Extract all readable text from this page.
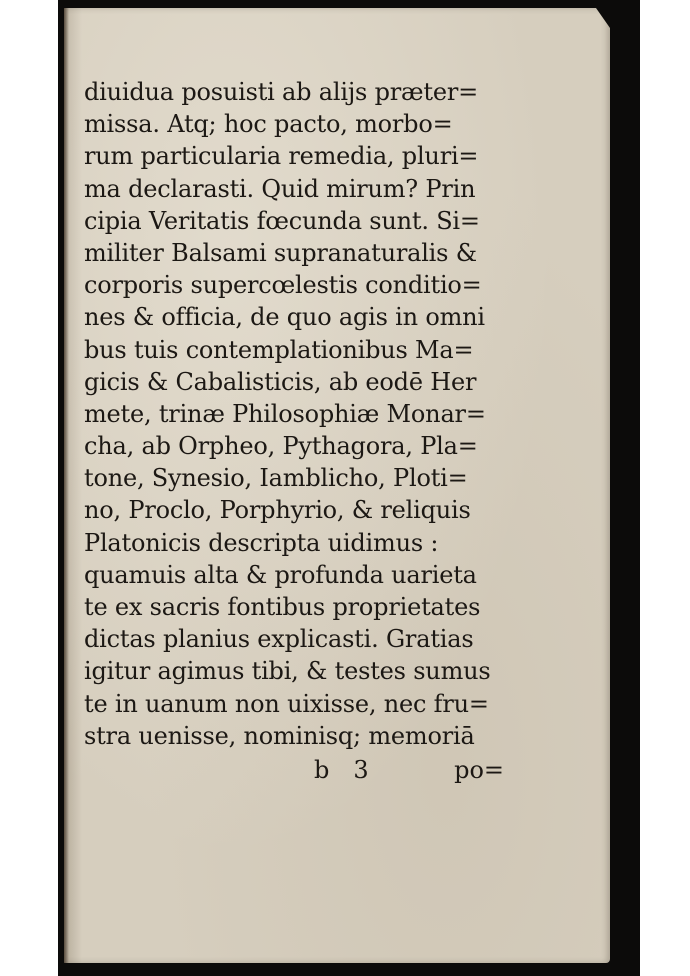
diuidua posuisti ab alijs præter=
missa. Atq; hoc pacto, morbo=
rum particularia remedia, pluri=
ma declarasti. Quid mirum? Prin
cipia Veritatis fœcunda sunt. Si=
militer Balsami supranaturalis &
corporis supercœlestis conditio=
nes & officia, de quo agis in omni
bus tuis contemplationibus Ma=
gicis & Cabalisticis, ab eodē Her
mete, trinæ Philosophiæ Monar=
cha, ab Orpheo, Pythagora, Pla=
tone, Synesio, Iamblicho, Ploti=
no, Proclo, Porphyrio, & reliquis
Platonicis descripta uidimus :
quamuis alta & profunda uarieta
te ex sacris fontibus proprietates
dictas planius explicasti. Gratias
igitur agimus tibi, & testes sumus
te in uanum non uixisse, nec fru=
stra uenisse, nominisq; memoriā
b 3	po=
